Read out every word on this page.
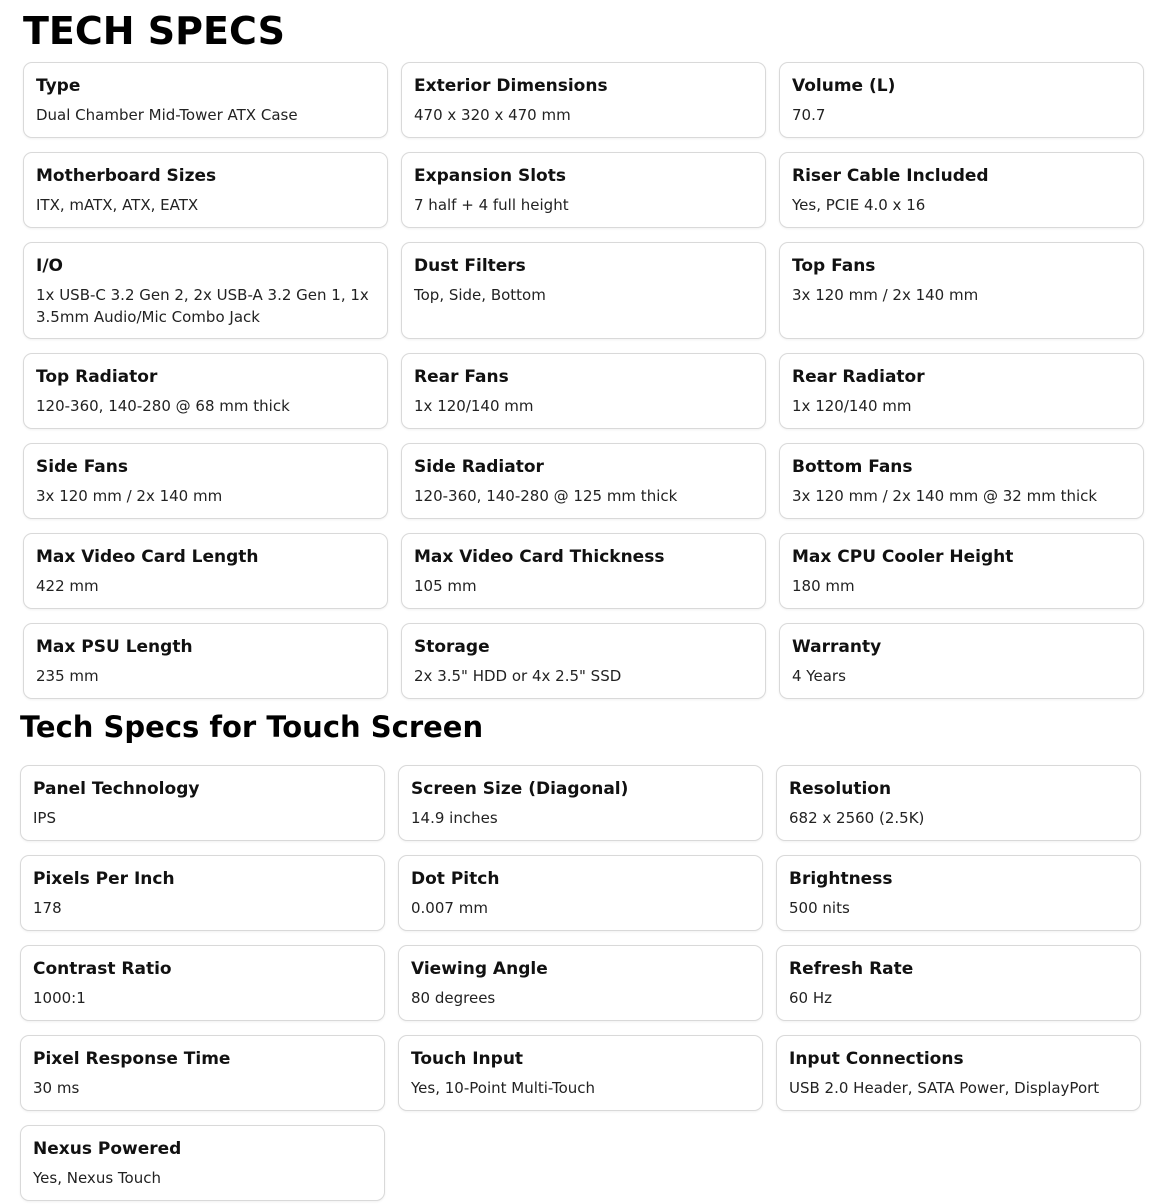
TECH SPECS
Type
Dual Chamber Mid-Tower ATX Case
Exterior Dimensions
470 x 320 x 470 mm
Volume (L)
70.7
Motherboard Sizes
ITX, mATX, ATX, EATX
Expansion Slots
7 half + 4 full height
Riser Cable Included
Yes, PCIE 4.0 x 16
I/O
1x USB-C 3.2 Gen 2, 2x USB-A 3.2 Gen 1, 1x 3.5mm Audio/Mic Combo Jack
Dust Filters
Top, Side, Bottom
Top Fans
3x 120 mm / 2x 140 mm
Top Radiator
120-360, 140-280 @ 68 mm thick
Rear Fans
1x 120/140 mm
Rear Radiator
1x 120/140 mm
Side Fans
3x 120 mm / 2x 140 mm
Side Radiator
120-360, 140-280 @ 125 mm thick
Bottom Fans
3x 120 mm / 2x 140 mm @ 32 mm thick
Max Video Card Length
422 mm
Max Video Card Thickness
105 mm
Max CPU Cooler Height
180 mm
Max PSU Length
235 mm
Storage
2x 3.5" HDD or 4x 2.5" SSD
Warranty
4 Years
Tech Specs for Touch Screen
Panel Technology
IPS
Screen Size (Diagonal)
14.9 inches
Resolution
682 x 2560 (2.5K)
Pixels Per Inch
178
Dot Pitch
0.007 mm
Brightness
500 nits
Contrast Ratio
1000:1
Viewing Angle
80 degrees
Refresh Rate
60 Hz
Pixel Response Time
30 ms
Touch Input
Yes, 10-Point Multi-Touch
Input Connections
USB 2.0 Header, SATA Power, DisplayPort
Nexus Powered
Yes, Nexus Touch
